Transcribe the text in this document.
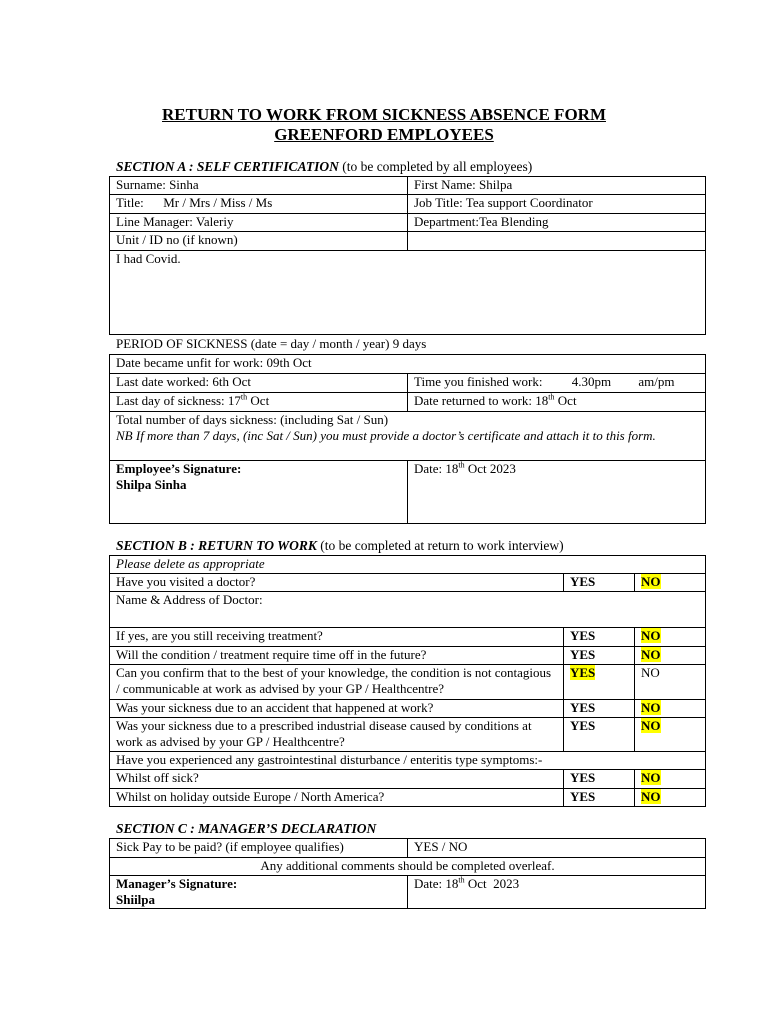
RETURN TO WORK FROM SICKNESS ABSENCE FORM
GREENFORD EMPLOYEES
SECTION A : SELF CERTIFICATION (to be completed by all employees)
Surname: Sinha	First Name: Shilpa
Title:      Mr / Mrs / Miss / Ms	Job Title: Tea support Coordinator
Line Manager: Valeriy	Department:Tea Blending
Unit / ID no (if known)	
I had Covid.	
PERIOD OF SICKNESS (date = day / month / year) 9 days
Date became unfit for work: 09th Oct	
Last date worked: 6th Oct	Time you finished work: 4.30pm am/pm
Last day of sickness: 17th Oct	Date returned to work: 18th Oct

Total number of days sickness: (including Sat / Sun)
NB If more than 7 days, (inc Sat / Sun) you must provide a doctor’s certificate and attach it to this form.	

Employee’s Signature:
Shilpa Sinha	Date: 18th Oct 2023
SECTION B : RETURN TO WORK (to be completed at return to work interview)
Please delete as appropriate		
Have you visited a doctor?	YES	NO
Name & Address of Doctor:		
If yes, are you still receiving treatment?	YES	NO
Will the condition / treatment require time off in the future?	YES	NO
Can you confirm that to the best of your knowledge, the condition is not contagious / communicable at work as advised by your GP / Healthcentre?	YES	NO
Was your sickness due to an accident that happened at work?	YES	NO
Was your sickness due to a prescribed industrial disease caused by conditions at work as advised by your GP / Healthcentre?	YES	NO
Have you experienced any gastrointestinal disturbance / enteritis type symptoms:-		
Whilst off sick?	YES	NO
Whilst on holiday outside Europe / North America?	YES	NO
SECTION C : MANAGER’S DECLARATION
Sick Pay to be paid? (if employee qualifies)	YES / NO
Any additional comments should be completed overleaf.	

Manager’s Signature:
Shiilpa	Date: 18th Oct  2023
